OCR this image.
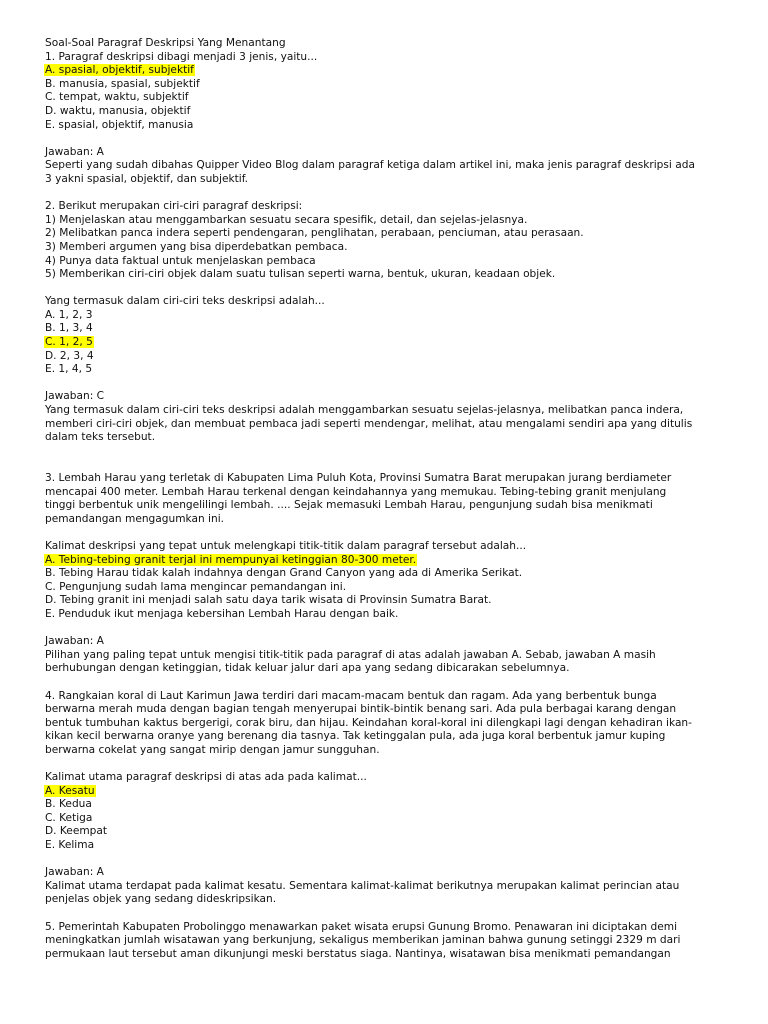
Soal-Soal Paragraf Deskripsi Yang Menantang
1. Paragraf deskripsi dibagi menjadi 3 jenis, yaitu...
A. spasial, objektif, subjektif
B. manusia, spasial, subjektif
C. tempat, waktu, subjektif
D. waktu, manusia, objektif
E. spasial, objektif, manusia
Jawaban: A
Seperti yang sudah dibahas Quipper Video Blog dalam paragraf ketiga dalam artikel ini, maka jenis paragraf deskripsi ada
3 yakni spasial, objektif, dan subjektif.
2. Berikut merupakan ciri-ciri paragraf deskripsi:
1) Menjelaskan atau menggambarkan sesuatu secara spesifik, detail, dan sejelas-jelasnya.
2) Melibatkan panca indera seperti pendengaran, penglihatan, perabaan, penciuman, atau perasaan.
3) Memberi argumen yang bisa diperdebatkan pembaca.
4) Punya data faktual untuk menjelaskan pembaca
5) Memberikan ciri-ciri objek dalam suatu tulisan seperti warna, bentuk, ukuran, keadaan objek.
Yang termasuk dalam ciri-ciri teks deskripsi adalah...
A. 1, 2, 3
B. 1, 3, 4
C. 1, 2, 5
D. 2, 3, 4
E. 1, 4, 5
Jawaban: C
Yang termasuk dalam ciri-ciri teks deskripsi adalah menggambarkan sesuatu sejelas-jelasnya, melibatkan panca indera,
memberi ciri-ciri objek, dan membuat pembaca jadi seperti mendengar, melihat, atau mengalami sendiri apa yang ditulis
dalam teks tersebut.
3. Lembah Harau yang terletak di Kabupaten Lima Puluh Kota, Provinsi Sumatra Barat merupakan jurang berdiameter
mencapai 400 meter. Lembah Harau terkenal dengan keindahannya yang memukau. Tebing-tebing granit menjulang
tinggi berbentuk unik mengelilingi lembah. .... Sejak memasuki Lembah Harau, pengunjung sudah bisa menikmati
pemandangan mengagumkan ini.
Kalimat deskripsi yang tepat untuk melengkapi titik-titik dalam paragraf tersebut adalah...
A. Tebing-tebing granit terjal ini mempunyai ketinggian 80-300 meter.
B. Tebing Harau tidak kalah indahnya dengan Grand Canyon yang ada di Amerika Serikat.
C. Pengunjung sudah lama mengincar pemandangan ini.
D. Tebing granit ini menjadi salah satu daya tarik wisata di Provinsin Sumatra Barat.
E. Penduduk ikut menjaga kebersihan Lembah Harau dengan baik.
Jawaban: A
Pilihan yang paling tepat untuk mengisi titik-titik pada paragraf di atas adalah jawaban A. Sebab, jawaban A masih
berhubungan dengan ketinggian, tidak keluar jalur dari apa yang sedang dibicarakan sebelumnya.
4. Rangkaian koral di Laut Karimun Jawa terdiri dari macam-macam bentuk dan ragam. Ada yang berbentuk bunga
berwarna merah muda dengan bagian tengah menyerupai bintik-bintik benang sari. Ada pula berbagai karang dengan
bentuk tumbuhan kaktus bergerigi, corak biru, dan hijau. Keindahan koral-koral ini dilengkapi lagi dengan kehadiran ikan-
kikan kecil berwarna oranye yang berenang dia tasnya. Tak ketinggalan pula, ada juga koral berbentuk jamur kuping
berwarna cokelat yang sangat mirip dengan jamur sungguhan.
Kalimat utama paragraf deskripsi di atas ada pada kalimat...
A. Kesatu
B. Kedua
C. Ketiga
D. Keempat
E. Kelima
Jawaban: A
Kalimat utama terdapat pada kalimat kesatu. Sementara kalimat-kalimat berikutnya merupakan kalimat perincian atau
penjelas objek yang sedang dideskripsikan.
5. Pemerintah Kabupaten Probolinggo menawarkan paket wisata erupsi Gunung Bromo. Penawaran ini diciptakan demi
meningkatkan jumlah wisatawan yang berkunjung, sekaligus memberikan jaminan bahwa gunung setinggi 2329 m dari
permukaan laut tersebut aman dikunjungi meski berstatus siaga. Nantinya, wisatawan bisa menikmati pemandangan
